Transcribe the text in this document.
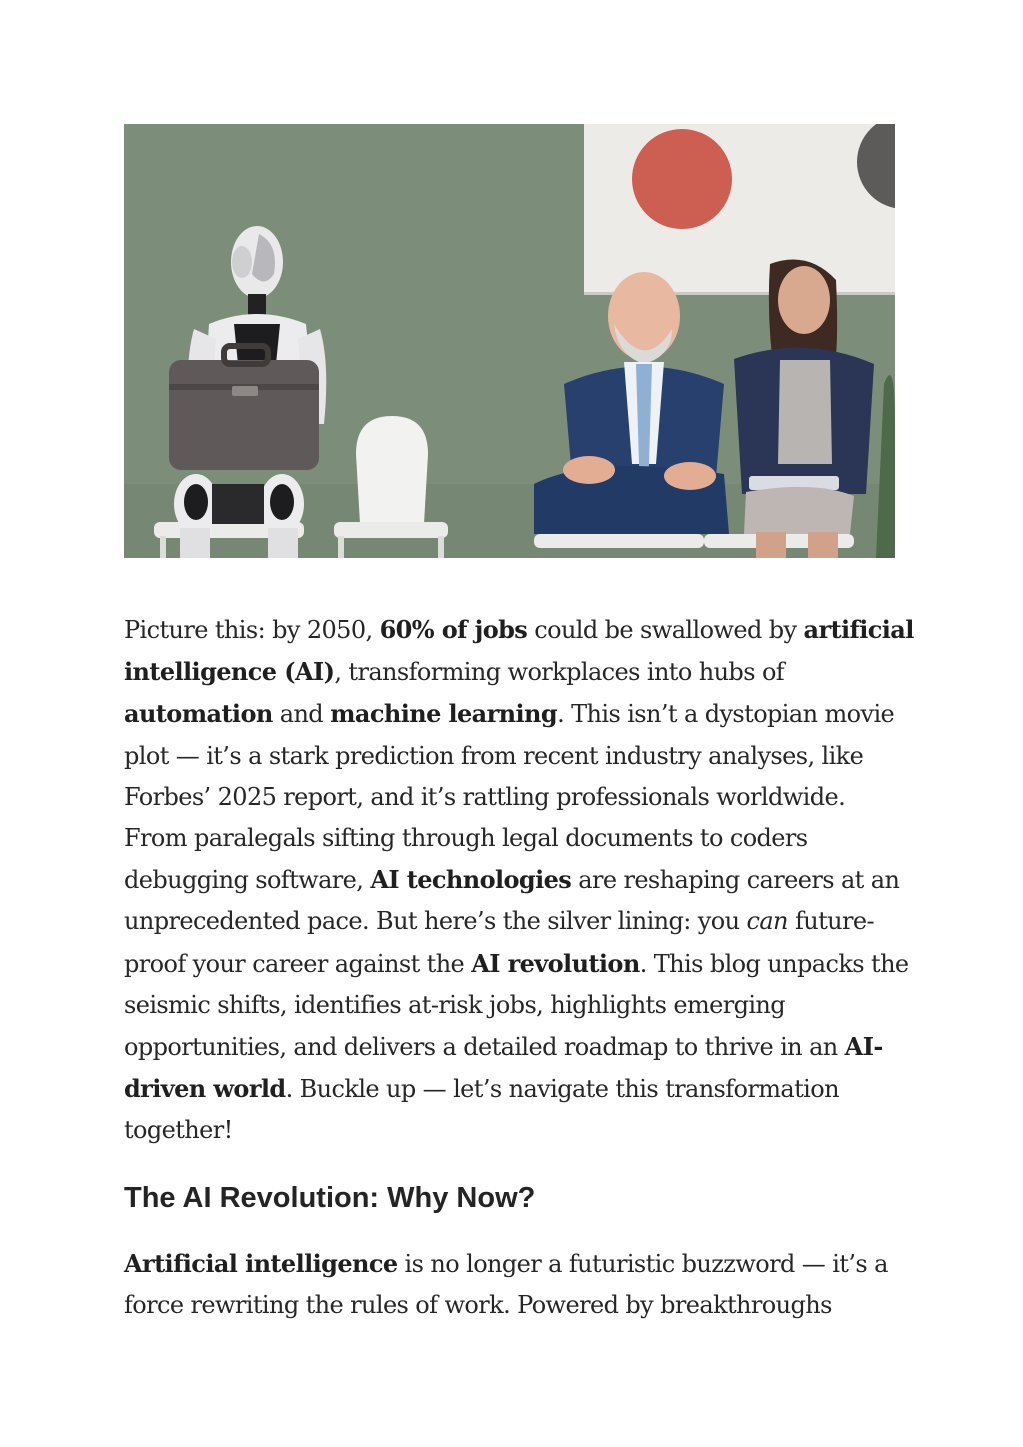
Picture this: by 2050, 60% of jobs could be swallowed by artificial intelligence (AI), transforming workplaces into hubs of automation and machine learning. This isn’t a dystopian movie plot — it’s a stark prediction from recent industry analyses, like Forbes’ 2025 report, and it’s rattling professionals worldwide. From paralegals sifting through legal documents to coders debugging software, AI technologies are reshaping careers at an unprecedented pace. But here’s the silver lining: you can future-proof your career against the AI revolution. This blog unpacks the seismic shifts, identifies at-risk jobs, highlights emerging opportunities, and delivers a detailed roadmap to thrive in an AI-driven world. Buckle up — let’s navigate this transformation together!

The AI Revolution: Why Now?

Artificial intelligence is no longer a futuristic buzzword — it’s a force rewriting the rules of work. Powered by breakthroughs
